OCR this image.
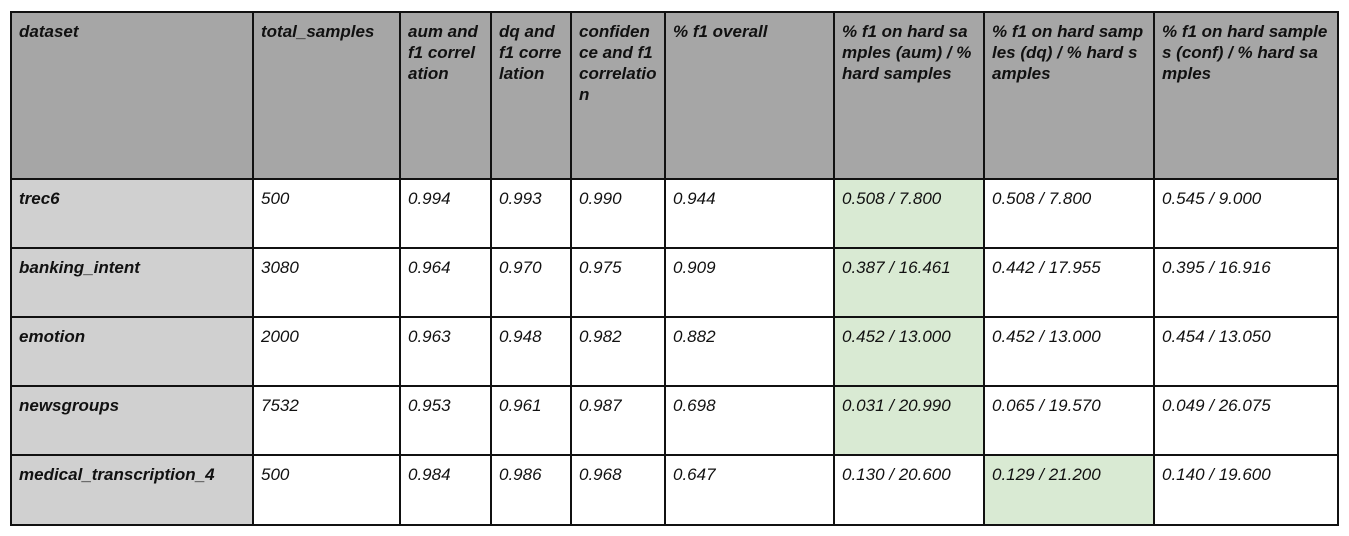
dataset	total_samples	aum and f1 correlation	dq and f1 correlation	confidence and f1 correlation	% f1 overall	% f1 on hard samples (aum) / % hard samples	% f1 on hard samples (dq) / % hard samples	% f1 on hard samples (conf) / % hard samples
trec6	500	0.994	0.993	0.990	0.944	0.508 / 7.800	0.508 / 7.800	0.545 / 9.000
banking_intent	3080	0.964	0.970	0.975	0.909	0.387 / 16.461	0.442 / 17.955	0.395 / 16.916
emotion	2000	0.963	0.948	0.982	0.882	0.452 / 13.000	0.452 / 13.000	0.454 / 13.050
newsgroups	7532	0.953	0.961	0.987	0.698	0.031 / 20.990	0.065 / 19.570	0.049 / 26.075
medical_transcription_4	500	0.984	0.986	0.968	0.647	0.130 / 20.600	0.129 / 21.200	0.140 / 19.600
